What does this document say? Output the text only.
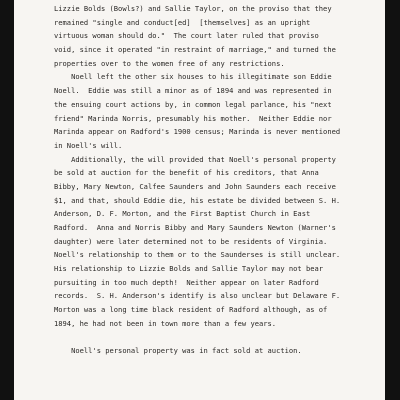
Lizzie Bolds (Bowls?) and Sallie Taylor, on the proviso that they
remained "single and conduct[ed]  [themselves] as an upright
virtuous woman should do."  The court later ruled that proviso
void, since it operated "in restraint of marriage," and turned the
properties over to the women free of any restrictions.
Noell left the other six houses to his illegitimate son Eddie
Noell.  Eddie was still a minor as of 1894 and was represented in
the ensuing court actions by, in common legal parlance, his "next
friend" Marinda Norris, presumably his mother.  Neither Eddie nor
Marinda appear on Radford's 1900 census; Marinda is never mentioned
in Noell's will.
Additionally, the will provided that Noell's personal property
be sold at auction for the benefit of his creditors, that Anna
Bibby, Mary Newton, Calfee Saunders and John Saunders each receive
$1, and that, should Eddie die, his estate be divided between S. H.
Anderson, D. F. Morton, and the First Baptist Church in East
Radford.  Anna and Norris Bibby and Mary Saunders Newton (Warner's
daughter) were later determined not to be residents of Virginia.
Noell's relationship to them or to the Saunderses is still unclear.
His relationship to Lizzie Bolds and Sallie Taylor may not bear
pursuiting in too much depth!  Neither appear on later Radford
records.  S. H. Anderson's identify is also unclear but Delaware F.
Morton was a long time black resident of Radford although, as of
1894, he had not been in town more than a few years.
Noell's personal property was in fact sold at auction.
